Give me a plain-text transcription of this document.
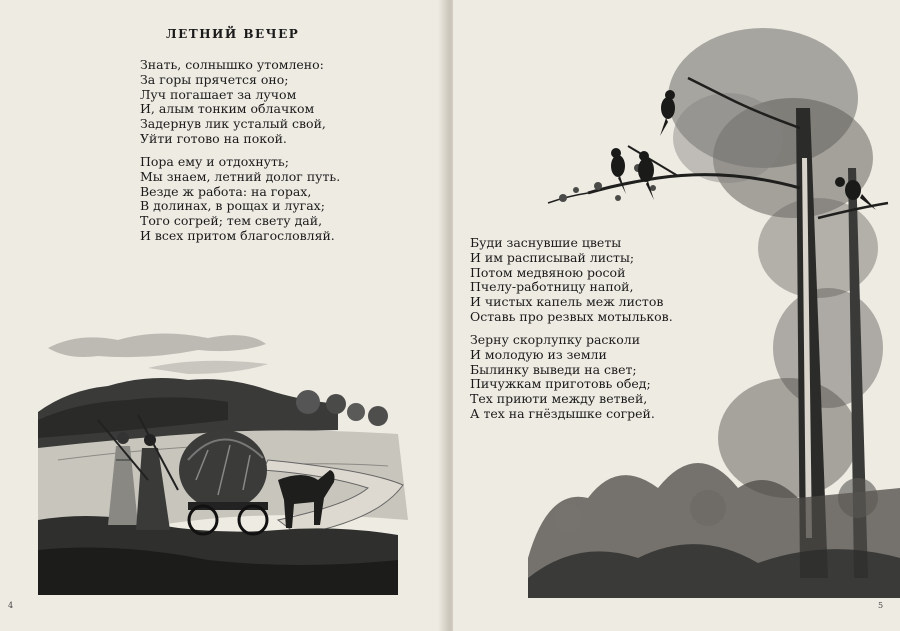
ЛЕТНИЙ ВЕЧЕР
Знать, солнышко утомлено:
За горы прячется оно;
Луч погашает за лучом
И, алым тонким облачком
Задернув лик усталый свой,
Уйти готово на покой.
Пора ему и отдохнуть;
Мы знаем, летний долог путь.
Везде ж работа: на горах,
В долинах, в рощах и лугах;
Того согрей; тем свету дай,
И всех притом благословляй.
4
Буди заснувшие цветы
И им расписывай листы;
Потом медвяною росой
Пчелу-работницу напой,
И чистых капель меж листов
Оставь про резвых мотыльков.
Зерну скорлупку расколи
И молодую из земли
Былинку выведи на свет;
Пичужкам приготовь обед;
Тех приюти между ветвей,
А тех на гнёздышке согрей.
5
